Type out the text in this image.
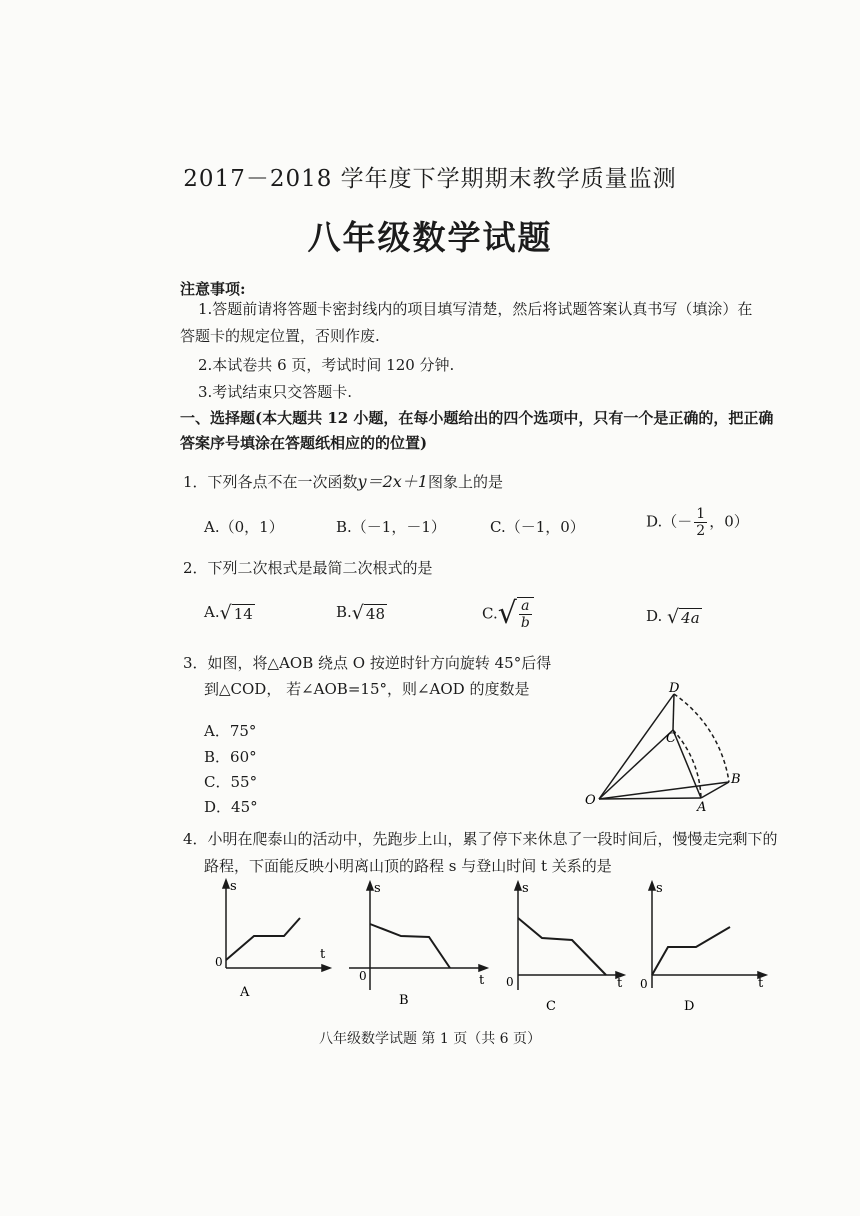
2017－2018 学年度下学期期末教学质量监测
八年级数学试题
注意事项:
1.答题前请将答题卡密封线内的项目填写清楚，然后将试题答案认真书写（填涂）在
答题卡的规定位置，否则作废.
2.本试卷共 6 页，考试时间 120 分钟.
3.考试结束只交答题卡.
一、选择题(本大题共 12 小题，在每小题给出的四个选项中，只有一个是正确的，把正确
答案序号填涂在答题纸相应的的位置)
1．下列各点不在一次函数y＝2x＋1图象上的是
A.（0，1）	B.（－1，－1）	C.（－1，0）	$D.(- \frac{1}{2}$ ，0）
2．下列二次根式是最简二次根式的是
A.√ 14	B.√ 48	$C.√ \frac{a}{b}$	D. √ 4a
3．如图，将△AOB 绕点 O 按逆时针方向旋转 45°后得
到△COD， 若∠AOB=15°，则∠AOD 的度数是
A．75°
B．60°
C．55°
D．45°
D
C
B
O	A
4．小明在爬泰山的活动中，先跑步上山，累了停下来休息了一段时间后，慢慢走完剩下的
路程，下面能反映小明离山顶的路程 s 与登山时间 t 关系的是
s
t
0
A
s
t
0
B
s
t
0
C
s
t
0
D
八年级数学试题 第 1 页（共 6 页）
